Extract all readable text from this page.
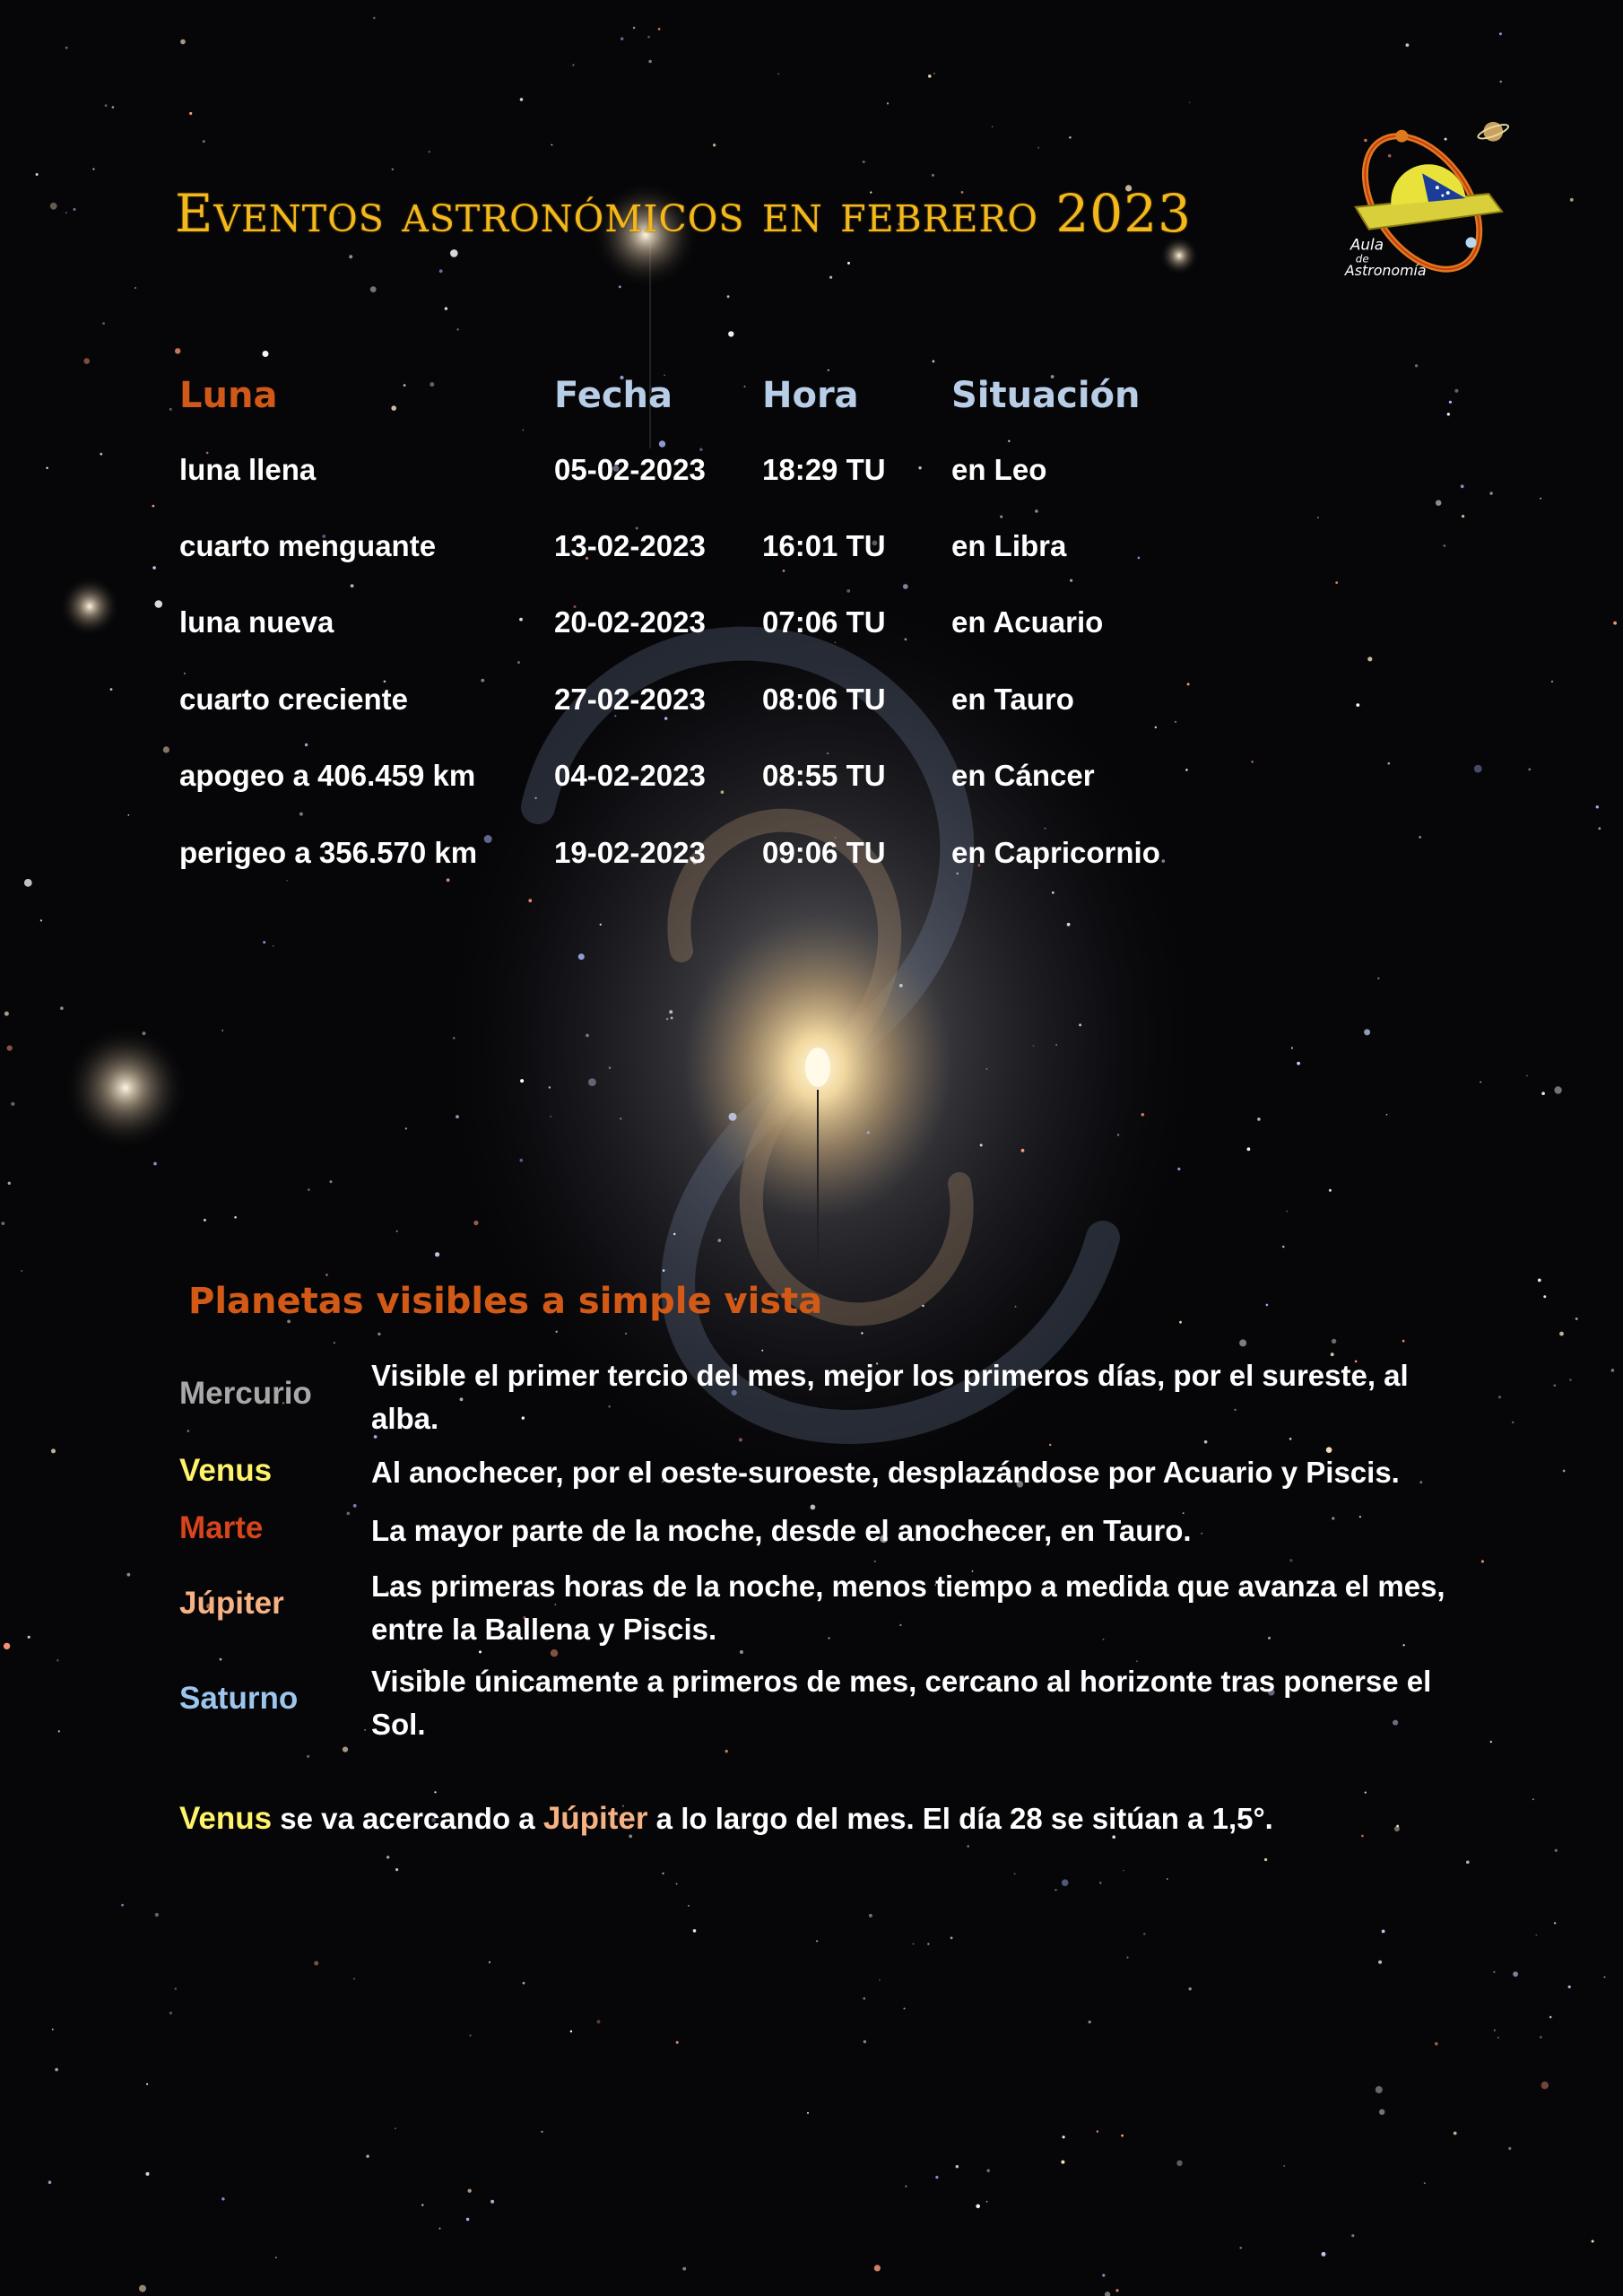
Eventos astronómicos en febrero 2023
Aula
de
Astronomía
Luna	Fecha Hora	Situación
luna llena	05-02-2023 18:29 TU en Leo
cuarto menguante	13-02-2023 16:01 TU en Libra
luna nueva	20-02-2023 07:06 TU en Acuario
cuarto creciente	27-02-2023 08:06 TU en Tauro
apogeo a 406.459 km	04-02-2023 08:55 TU en Cáncer
perigeo a 356.570 km	19-02-2023 09:06 TU en Capricornio
Planetas visibles a simple vista
Mercurio
Visible el primer tercio del mes, mejor los primeros días, por el sureste, al alba.
Venus	Al anochecer, por el oeste-suroeste, desplazándose por Acuario y Piscis.
Marte	La mayor parte de la noche, desde el anochecer, en Tauro.
Júpiter	Las primeras horas de la noche, menos tiempo a medida que avanza el mes, entre la Ballena y Piscis.
Saturno Visible únicamente a primeros de mes, cercano al horizonte tras ponerse el Sol.
Venus se va acercando a Júpiter a lo largo del mes. El día 28 se sitúan a 1,5°.
